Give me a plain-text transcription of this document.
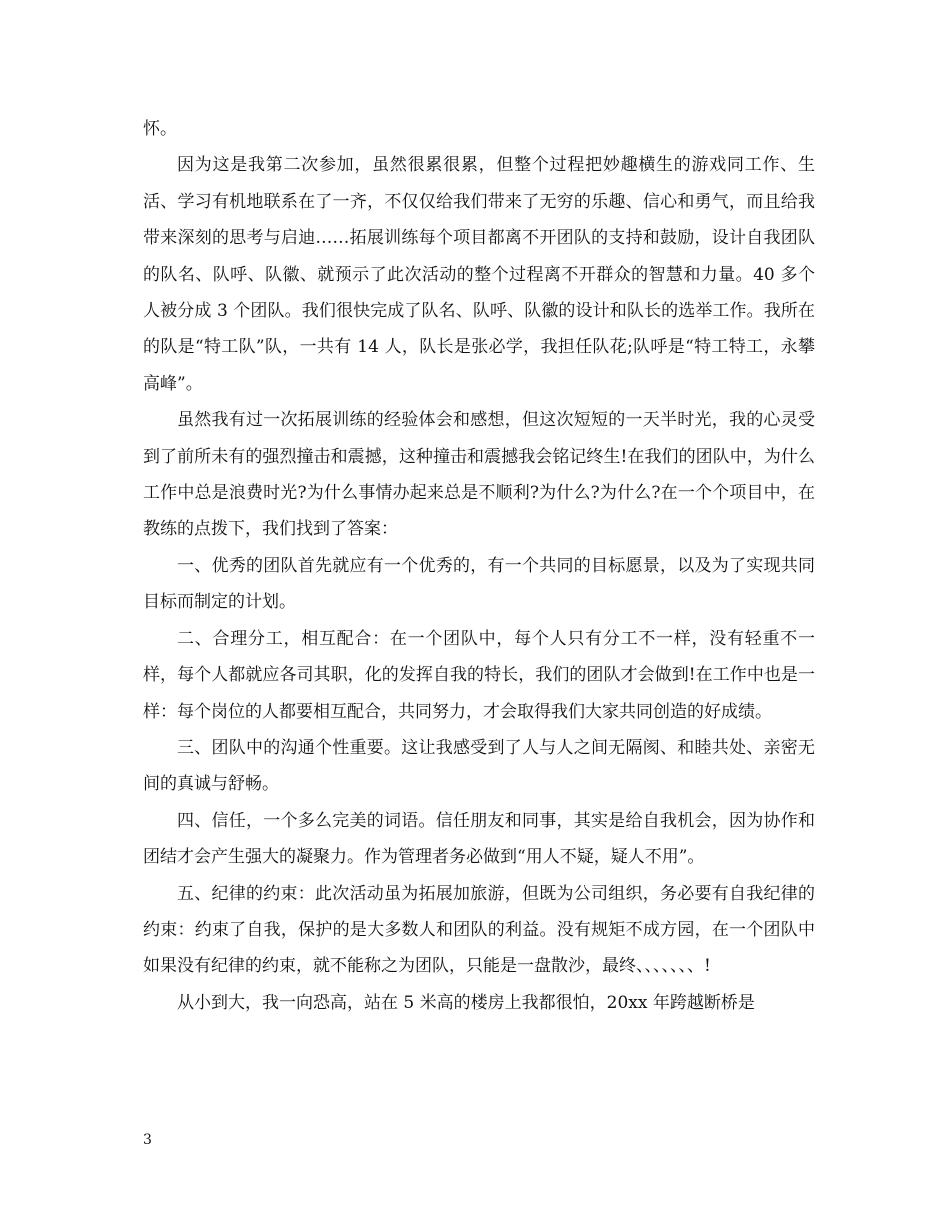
怀。

因为这是我第二次参加，虽然很累很累，但整个过程把妙趣横生的游戏同工作、生活、学习有机地联系在了一齐，不仅仅给我们带来了无穷的乐趣、信心和勇气，而且给我带来深刻的思考与启迪……拓展训练每个项目都离不开团队的支持和鼓励，设计自我团队的队名、队呼、队徽、就预示了此次活动的整个过程离不开群众的智慧和力量。40 多个人被分成 3 个团队。我们很快完成了队名、队呼、队徽的设计和队长的选举工作。我所在的队是“特工队”队，一共有 14 人，队长是张必学，我担任队花;队呼是“特工特工，永攀高峰”。

虽然我有过一次拓展训练的经验体会和感想，但这次短短的一天半时光，我的心灵受到了前所未有的强烈撞击和震撼，这种撞击和震撼我会铭记终生!在我们的团队中，为什么工作中总是浪费时光?为什么事情办起来总是不顺利?为什么?为什么?在一个个项目中，在教练的点拨下，我们找到了答案：

一、优秀的团队首先就应有一个优秀的，有一个共同的目标愿景，以及为了实现共同目标而制定的计划。

二、合理分工，相互配合：在一个团队中，每个人只有分工不一样，没有轻重不一样，每个人都就应各司其职，化的发挥自我的特长，我们的团队才会做到!在工作中也是一样：每个岗位的人都要相互配合，共同努力，才会取得我们大家共同创造的好成绩。

三、团队中的沟通个性重要。这让我感受到了人与人之间无隔阂、和睦共处、亲密无间的真诚与舒畅。

四、信任，一个多么完美的词语。信任朋友和同事，其实是给自我机会，因为协作和团结才会产生强大的凝聚力。作为管理者务必做到“用人不疑，疑人不用”。

五、纪律的约束：此次活动虽为拓展加旅游，但既为公司组织，务必要有自我纪律的约束：约束了自我，保护的是大多数人和团队的利益。没有规矩不成方园，在一个团队中如果没有纪律的约束，就不能称之为团队，只能是一盘散沙，最终、、、、、、、!

从小到大，我一向恐高，站在 5 米高的楼房上我都很怕，20xx 年跨越断桥是

3
